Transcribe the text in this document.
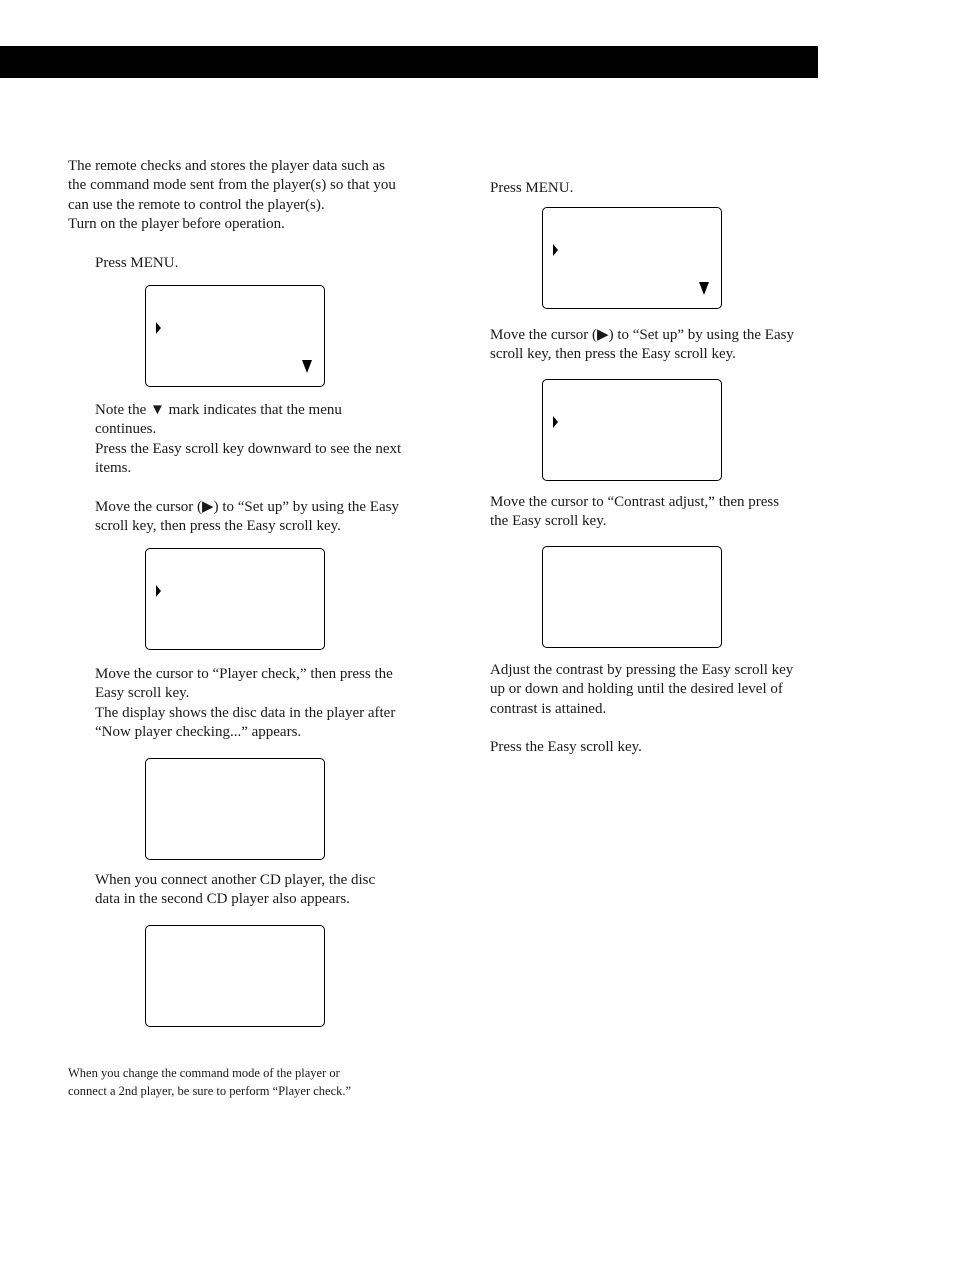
The remote checks and stores the player data such as
the command mode sent from the player(s) so that you
can use the remote to control the player(s).
Turn on the player before operation.
Press MENU.
Note the ▼ mark indicates that the menu
continues.
Press the Easy scroll key downward to see the next
items.
Move the cursor (▶) to “Set up” by using the Easy
scroll key, then press the Easy scroll key.
Move the cursor to “Player check,” then press the
Easy scroll key.
The display shows the disc data in the player after
“Now player checking...” appears.
When you connect another CD player, the disc
data in the second CD player also appears.
When you change the command mode of the player or
connect a 2nd player, be sure to perform “Player check.”
Press MENU.
Move the cursor (▶) to “Set up” by using the Easy
scroll key, then press the Easy scroll key.
Move the cursor to “Contrast adjust,” then press
the Easy scroll key.
Adjust the contrast by pressing the Easy scroll key
up or down and holding until the desired level of
contrast is attained.
Press the Easy scroll key.
